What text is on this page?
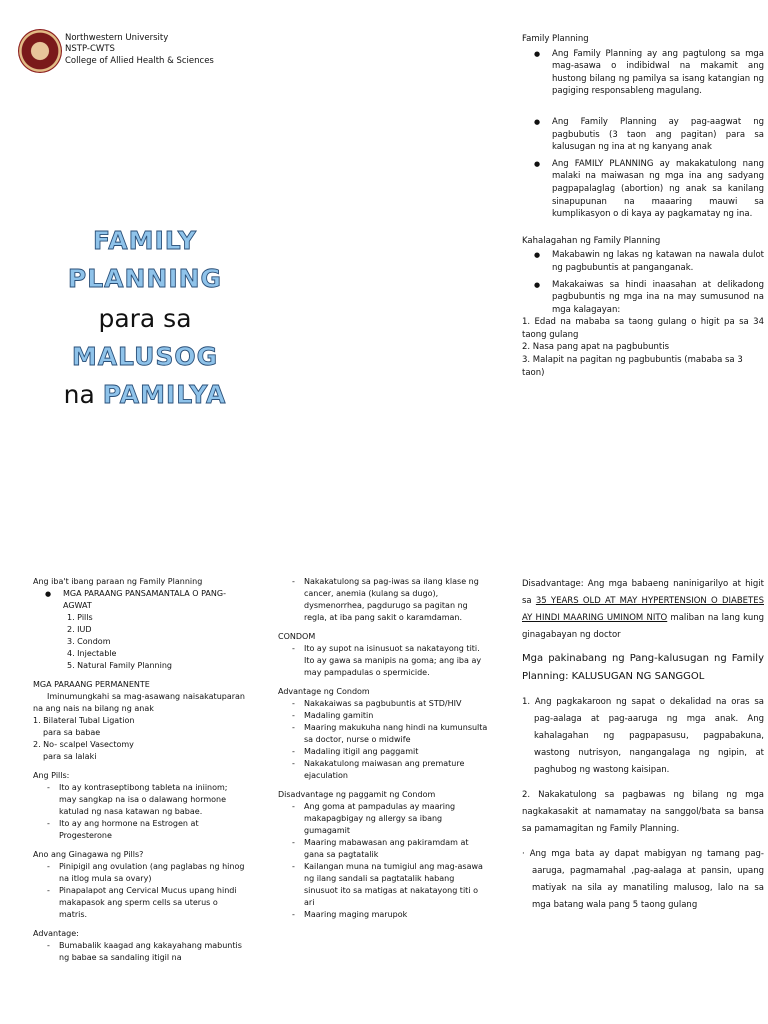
Northwestern University
NSTP-CWTS
College of Allied Health & Sciences
FAMILY
PLANNING
para sa
MALUSOG
na PAMILYA
Family Planning
● Ang Family Planning ay ang pagtulong sa mga mag-asawa o indibidwal na makamit ang hustong bilang ng pamilya sa isang katangian ng pagiging responsableng magulang.
● Ang Family Planning ay pag-aagwat ng pagbubutis (3 taon ang pagitan) para sa kalusugan ng ina at ng kanyang anak
● Ang FAMILY PLANNING ay makakatulong nang malaki na maiwasan ng mga ina ang sadyang pagpapalaglag (abortion) ng anak sa kanilang sinapupunan na maaaring mauwi sa kumplikasyon o di kaya ay pagkamatay ng ina.
Kahalagahan ng Family Planning
● Makabawin ng lakas ng katawan na nawala dulot ng pagbubuntis at panganganak.
● Makakaiwas sa hindi inaasahan at delikadong pagbubuntis ng mga ina na may sumusunod na mga kalagayan:
1. Edad na mababa sa taong gulang o higit pa sa 34 taong gulang
2. Nasa pang apat na pagbubuntis
3. Malapit na pagitan ng pagbubuntis (mababa sa 3 taon)
Ang iba't ibang paraan ng Family Planning
● MGA PARAANG PANSAMANTALA O PANG-AGWAT
1. Pills
2. IUD
3. Condom
4. Injectable
5. Natural Family Planning
MGA PARAANG PERMANENTE
Iminumungkahi sa mag-asawang naisakatuparan na ang nais na bilang ng anak
1. Bilateral Tubal Ligation
para sa babae
2. No- scalpel Vasectomy
para sa lalaki
Ang Pills:
- Ito ay kontraseptibong tableta na iniinom; may sangkap na isa o dalawang hormone katulad ng nasa katawan ng babae.
- Ito ay ang hormone na Estrogen at Progesterone
Ano ang Ginagawa ng Pills?
- Pinipigil ang ovulation (ang paglabas ng hinog na itlog mula sa ovary)
- Pinapalapot ang Cervical Mucus upang hindi makapasok ang sperm cells sa uterus o matris.
Advantage:
- Bumabalik kaagad ang kakayahang mabuntis ng babae sa sandaling itigil na
- Nakakatulong sa pag-iwas sa ilang klase ng cancer, anemia (kulang sa dugo), dysmenorrhea, pagdurugo sa pagitan ng regla, at iba pang sakit o karamdaman.
CONDOM
- Ito ay supot na isinusuot sa nakatayong titi. Ito ay gawa sa manipis na goma; ang iba ay may pampadulas o spermicide.
Advantage ng Condom
- Nakakaiwas sa pagbubuntis at STD/HIV
- Madaling gamitin
- Maaring makukuha nang hindi na kumunsulta sa doctor, nurse o midwife
- Madaling itigil ang paggamit
- Nakakatulong maiwasan ang premature ejaculation
Disadvantage ng paggamit ng Condom
- Ang goma at pampadulas ay maaring makapagbigay ng allergy sa ibang gumagamit
- Maaring mabawasan ang pakiramdam at gana sa pagtatalik
- Kailangan muna na tumigiul ang mag-asawa ng ilang sandali sa pagtatalik habang sinusuot ito sa matigas at nakatayong titi o ari
- Maaring maging marupok
Disadvantage: Ang mga babaeng naninigarilyo at higit sa 35 YEARS OLD AT MAY HYPERTENSION O DIABETES AY HINDI MAARING UMINOM NITO maliban na lang kung ginagabayan ng doctor
Mga pakinabang ng Pang-kalusugan ng Family Planning: KALUSUGAN NG SANGGOL
1. Ang pagkakaroon ng sapat o dekalidad na oras sa pag-aalaga at pag-aaruga ng mga anak. Ang kahalagahan ng pagpapasusu, pagpabakuna, wastong nutrisyon, nangangalaga ng ngipin, at paghubog ng wastong kaisipan.
2. Nakakatulong sa pagbawas ng bilang ng mga nagkakasakit at namamatay na sanggol/bata sa bansa sa pamamagitan ng Family Planning.
· Ang mga bata ay dapat mabigyan ng tamang pag-aaruga, pagmamahal ,pag-aalaga at pansin, upang matiyak na sila ay manatiling malusog, lalo na sa mga batang wala pang 5 taong gulang
